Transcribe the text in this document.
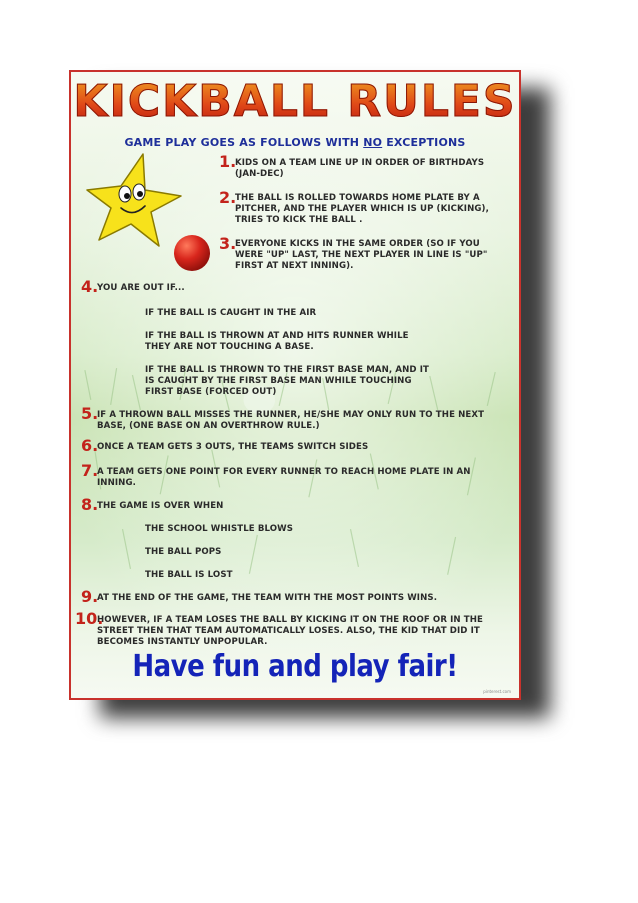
KICKBALL RULES
GAME PLAY GOES AS FOLLOWS WITH NO EXCEPTIONS
1.
KIDS ON A TEAM LINE UP IN ORDER OF BIRTHDAYS (JAN-DEC)
2.
THE BALL IS ROLLED TOWARDS HOME PLATE BY A PITCHER, AND THE PLAYER WHICH IS UP (KICKING), TRIES TO KICK THE BALL .
3.
EVERYONE KICKS IN THE SAME ORDER (SO IF YOU WERE "UP" LAST, THE NEXT PLAYER IN LINE IS "UP" FIRST AT NEXT INNING).
4.
YOU ARE OUT IF...
IF THE BALL IS CAUGHT IN THE AIR
IF THE BALL IS THROWN AT AND HITS RUNNER WHILE THEY ARE NOT TOUCHING A BASE.
IF THE BALL IS THROWN TO THE FIRST BASE MAN, AND IT IS CAUGHT BY THE FIRST BASE MAN WHILE TOUCHING FIRST BASE (FORCED OUT)
5.
IF A THROWN BALL MISSES THE RUNNER, HE/SHE MAY ONLY RUN TO THE NEXT BASE, (ONE BASE ON AN OVERTHROW RULE.)
6.
ONCE A TEAM GETS 3 OUTS, THE TEAMS SWITCH SIDES
7.
A TEAM GETS ONE POINT FOR EVERY RUNNER TO REACH HOME PLATE IN AN INNING.
8.
THE GAME IS OVER WHEN
THE SCHOOL WHISTLE BLOWS
THE BALL POPS
THE BALL IS LOST
9.
AT THE END OF THE GAME, THE TEAM WITH THE MOST POINTS WINS.
10.
HOWEVER, IF A TEAM LOSES THE BALL BY KICKING IT ON THE ROOF OR IN THE STREET THEN THAT TEAM AUTOMATICALLY LOSES. ALSO, THE KID THAT DID IT BECOMES INSTANTLY UNPOPULAR.
Have fun and play fair!
pinterest.com
